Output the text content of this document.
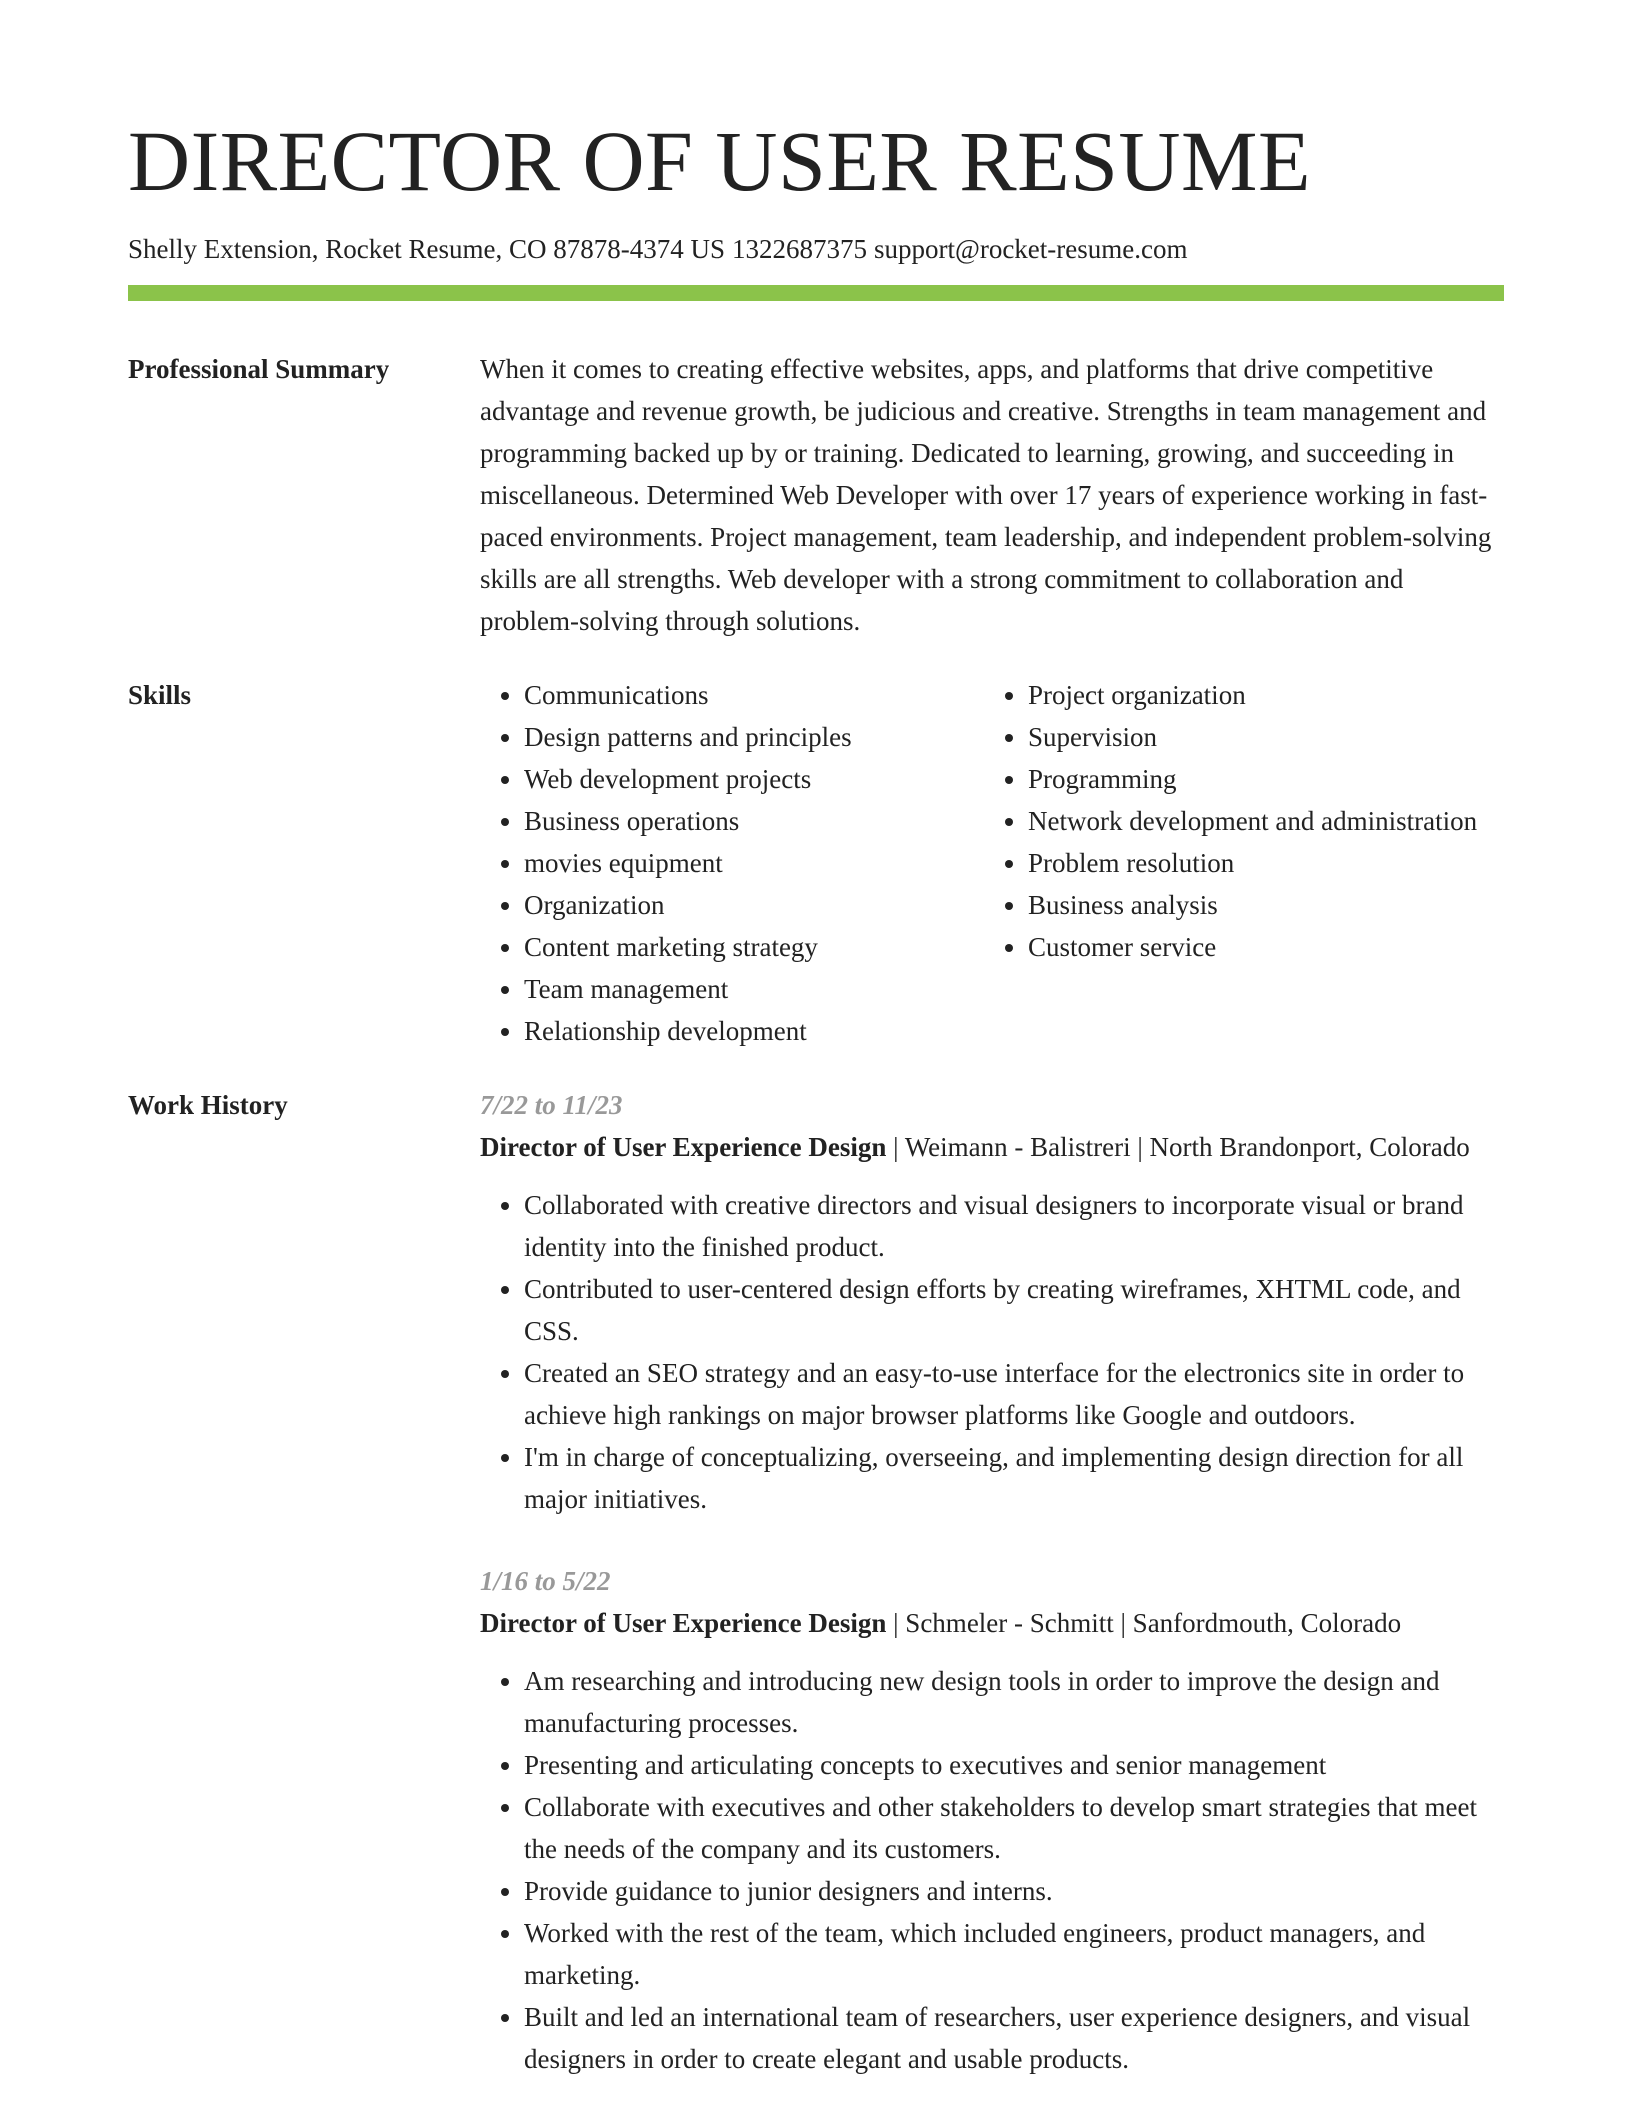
DIRECTOR OF USER RESUME
Shelly Extension, Rocket Resume, CO 87878-4374 US 1322687375 support@rocket-resume.com
Professional Summary	When it comes to creating effective websites, apps, and platforms that drive competitive advantage and revenue growth, be judicious and creative. Strengths in team management and programming backed up by or training. Dedicated to learning, growing, and succeeding in miscellaneous. Determined Web Developer with over 17 years of experience working in fast-paced environments. Project management, team leadership, and independent problem-solving skills are all strengths. Web developer with a strong commitment to collaboration and problem-solving through solutions.

Skills
•	Communications
• Design patterns and principles
• Web development projects
• Business operations
• movies equipment
• Organization
• Content marketing strategy
• Team management
• Relationship development
• Project organization
• Supervision
• Programming
• Network development and administration
• Problem resolution
• Business analysis
• Customer service
Work History	7/22 to 11/23
Director of User Experience Design | Weimann - Balistreri | North Brandonport, Colorado
• Collaborated with creative directors and visual designers to incorporate visual or brand identity into the finished product.
• Contributed to user-centered design efforts by creating wireframes, XHTML code, and CSS.
• Created an SEO strategy and an easy-to-use interface for the electronics site in order to achieve high rankings on major browser platforms like Google and outdoors.
• I'm in charge of conceptualizing, overseeing, and implementing design direction for all major initiatives.
1/16 to 5/22
Director of User Experience Design | Schmeler - Schmitt | Sanfordmouth, Colorado
• Am researching and introducing new design tools in order to improve the design and manufacturing processes.
• Presenting and articulating concepts to executives and senior management
• Collaborate with executives and other stakeholders to develop smart strategies that meet the needs of the company and its customers.
• Provide guidance to junior designers and interns.
• Worked with the rest of the team, which included engineers, product managers, and marketing.
• Built and led an international team of researchers, user experience designers, and visual designers in order to create elegant and usable products.
